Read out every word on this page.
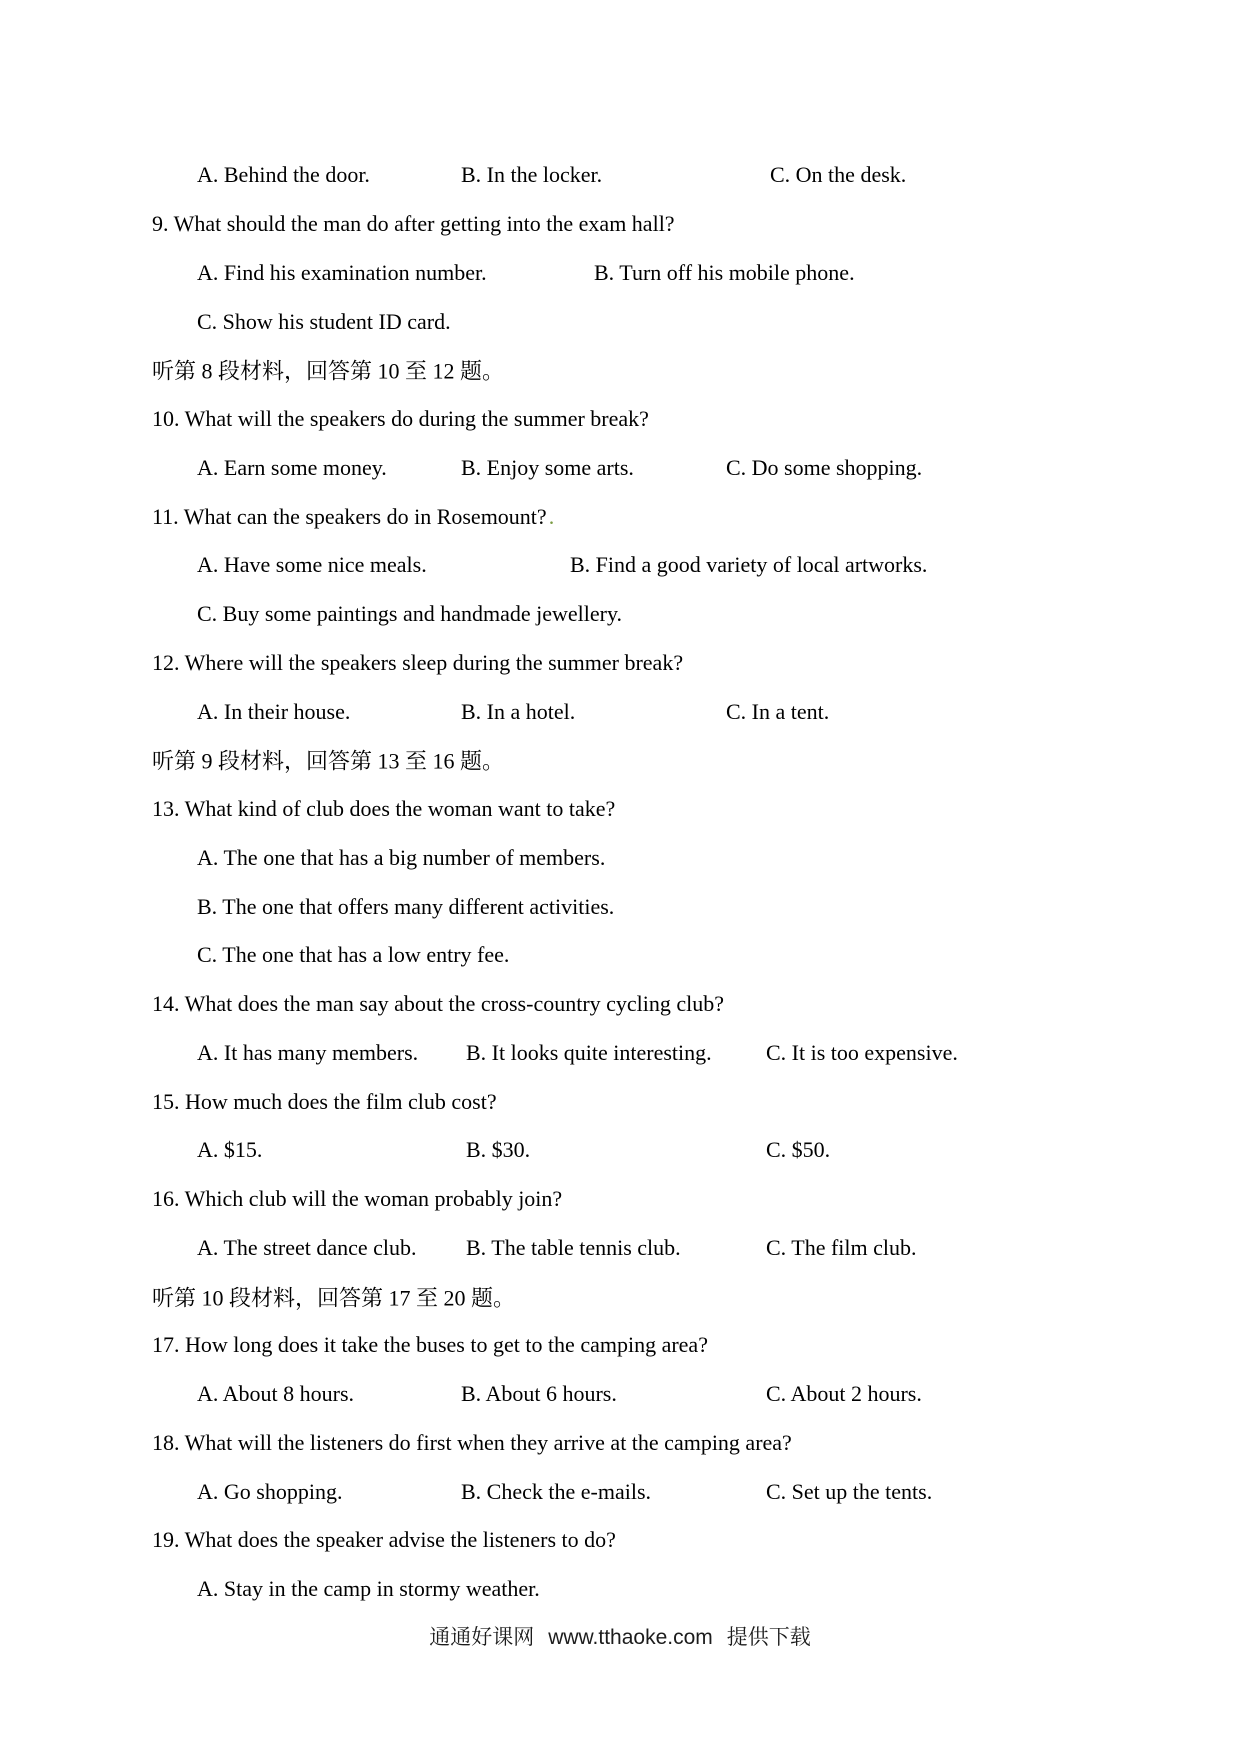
A. Behind the door.	B. In the locker.	C. On the desk.
9. What should the man do after getting into the exam hall?
A. Find his examination number.	B. Turn off his mobile phone.
C. Show his student ID card.
听第 8 段材料，回答第 10 至 12 题。
10. What will the speakers do during the summer break?
A. Earn some money.	B. Enjoy some arts.	C. Do some shopping.
11. What can the speakers do in Rosemount?.
A. Have some nice meals.	B. Find a good variety of local artworks.
C. Buy some paintings and handmade jewellery.
12. Where will the speakers sleep during the summer break?
A. In their house.	B. In a hotel.	C. In a tent.
听第 9 段材料，回答第 13 至 16 题。
13. What kind of club does the woman want to take?
A. The one that has a big number of members.
B. The one that offers many different activities.
C. The one that has a low entry fee.
14. What does the man say about the cross-country cycling club?
A. It has many members. B. It looks quite interesting. C. It is too expensive.
15. How much does the film club cost?
A. $15.	B. $30.	C. $50.
16. Which club will the woman probably join?
A. The street dance club. B. The table tennis club.	C. The film club.
听第 10 段材料，回答第 17 至 20 题。
17. How long does it take the buses to get to the camping area?
A. About 8 hours.	B. About 6 hours.	C. About 2 hours.
18. What will the listeners do first when they arrive at the camping area?
A. Go shopping.	B. Check the e-mails.	C. Set up the tents.
19. What does the speaker advise the listeners to do?
A. Stay in the camp in stormy weather.
通通好课网 www.tthaoke.com 提供下载
